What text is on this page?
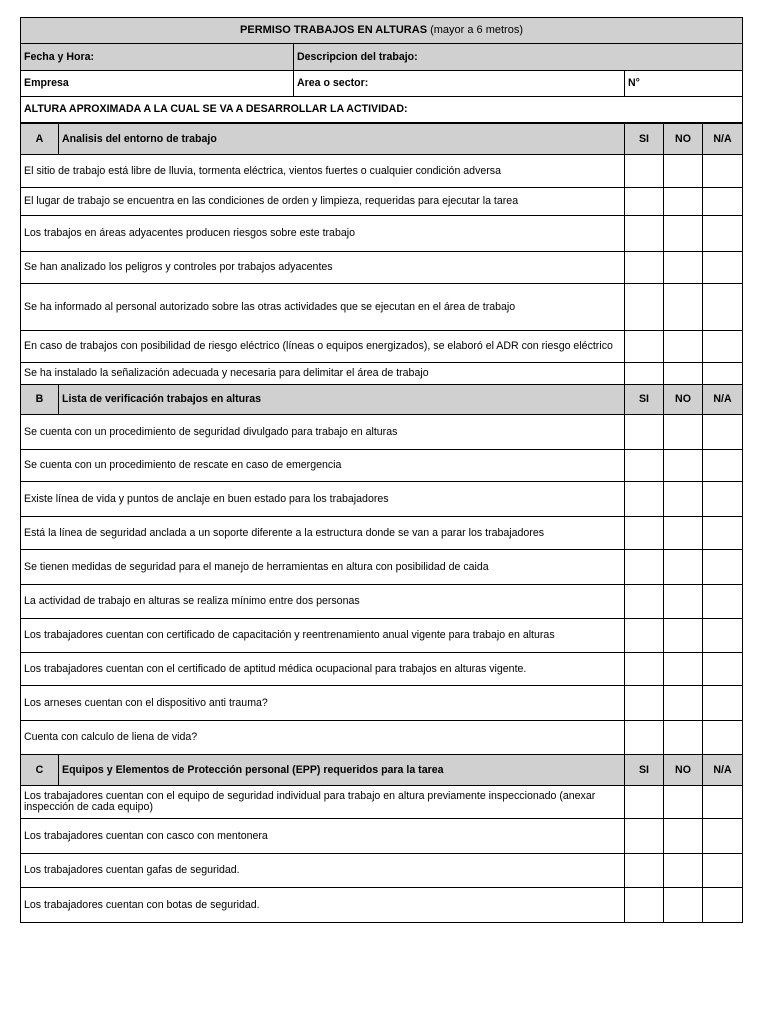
PERMISO TRABAJOS EN ALTURAS (mayor a 6 metros)		
Fecha y Hora:	Descripcion del trabajo:	
Empresa	Area o sector:	N°
ALTURA APROXIMADA A LA CUAL SE VA A DESARROLLAR LA ACTIVIDAD:		
A	Analisis del entorno de trabajo	SI	NO	N/A
El sitio de trabajo está libre de lluvia, tormenta eléctrica, vientos fuertes o cualquier condición adversa				
El lugar de trabajo se encuentra en las condiciones de orden y limpieza, requeridas para ejecutar la tarea				
Los trabajos en áreas adyacentes producen riesgos sobre este trabajo				
Se han analizado los peligros y controles por trabajos adyacentes				
Se ha informado al personal autorizado sobre las otras actividades que se ejecutan en el área de trabajo				
En caso de trabajos con posibilidad de riesgo eléctrico (líneas o equipos energizados), se elaboró el ADR con riesgo eléctrico				
Se ha instalado la señalización adecuada y necesaria para delimitar el área de trabajo				
B	Lista de verificación trabajos en alturas	SI	NO	N/A
Se cuenta con un procedimiento de seguridad divulgado para trabajo en alturas				
Se cuenta con un procedimiento de rescate en caso de emergencia				
Existe línea de vida y puntos de anclaje en buen estado para los trabajadores				
Está la línea de seguridad anclada a un soporte diferente a la estructura donde se van a parar los trabajadores				
Se tienen medidas de seguridad para el manejo de herramientas en altura con posibilidad de caida				
La actividad de trabajo en alturas se realiza mínimo entre dos personas				
Los trabajadores cuentan con certificado de capacitación y reentrenamiento anual vigente para trabajo en alturas				
Los trabajadores cuentan con el certificado de aptitud médica ocupacional para trabajos en alturas vigente.				
Los arneses cuentan con el dispositivo anti trauma?				
Cuenta con calculo de liena de vida?				
C	Equipos y Elementos de Protección personal (EPP) requeridos para la tarea	SI	NO	N/A
Los trabajadores cuentan con el equipo de seguridad individual para trabajo en altura previamente inspeccionado (anexar inspección de cada equipo)				
Los trabajadores cuentan con casco con mentonera				
Los trabajadores cuentan gafas de seguridad.				
Los trabajadores cuentan con botas de seguridad.				
